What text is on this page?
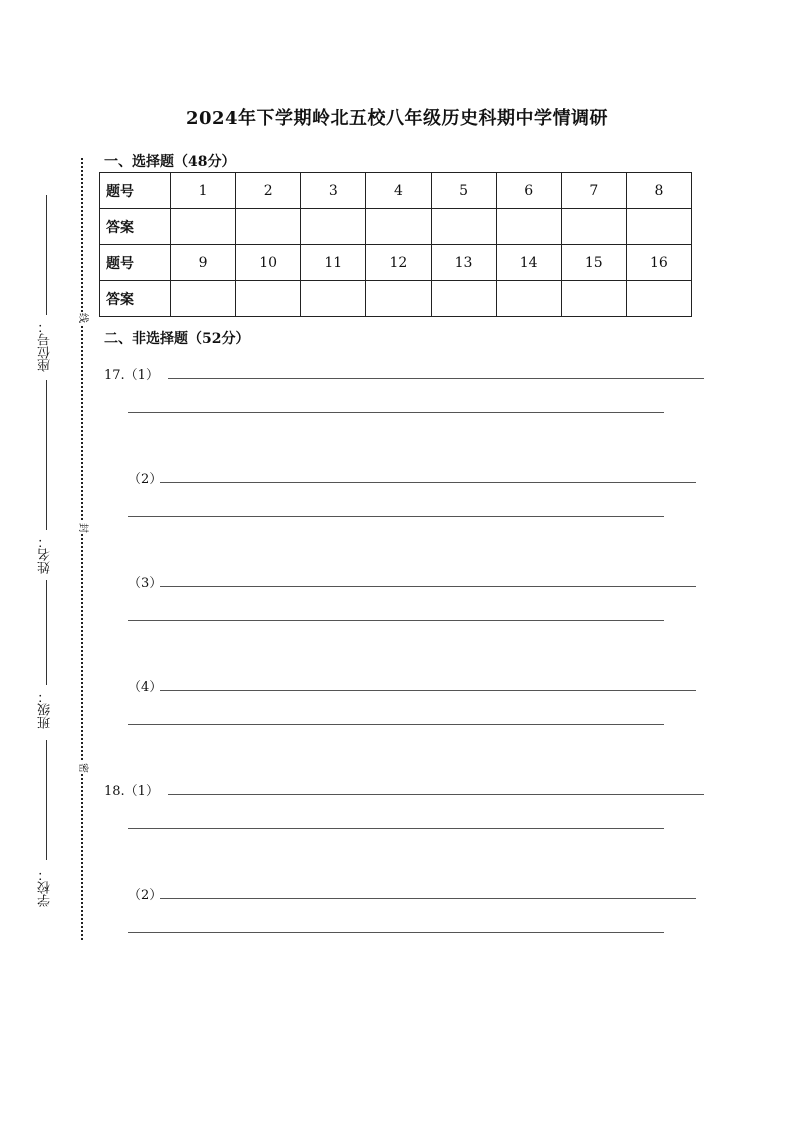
线
封
密
座位号：
姓名：
班级：
学校：
2024年下学期岭北五校八年级历史科期中学情调研
一、选择题（48分）
题号	1	2	3	4	5	6	7	8
答案								
题号	9	10	11	12	13	14	15	16
答案								
二、非选择题（52分）
17.（1）
（2）
（3）
（4）
18.（1）
（2）
